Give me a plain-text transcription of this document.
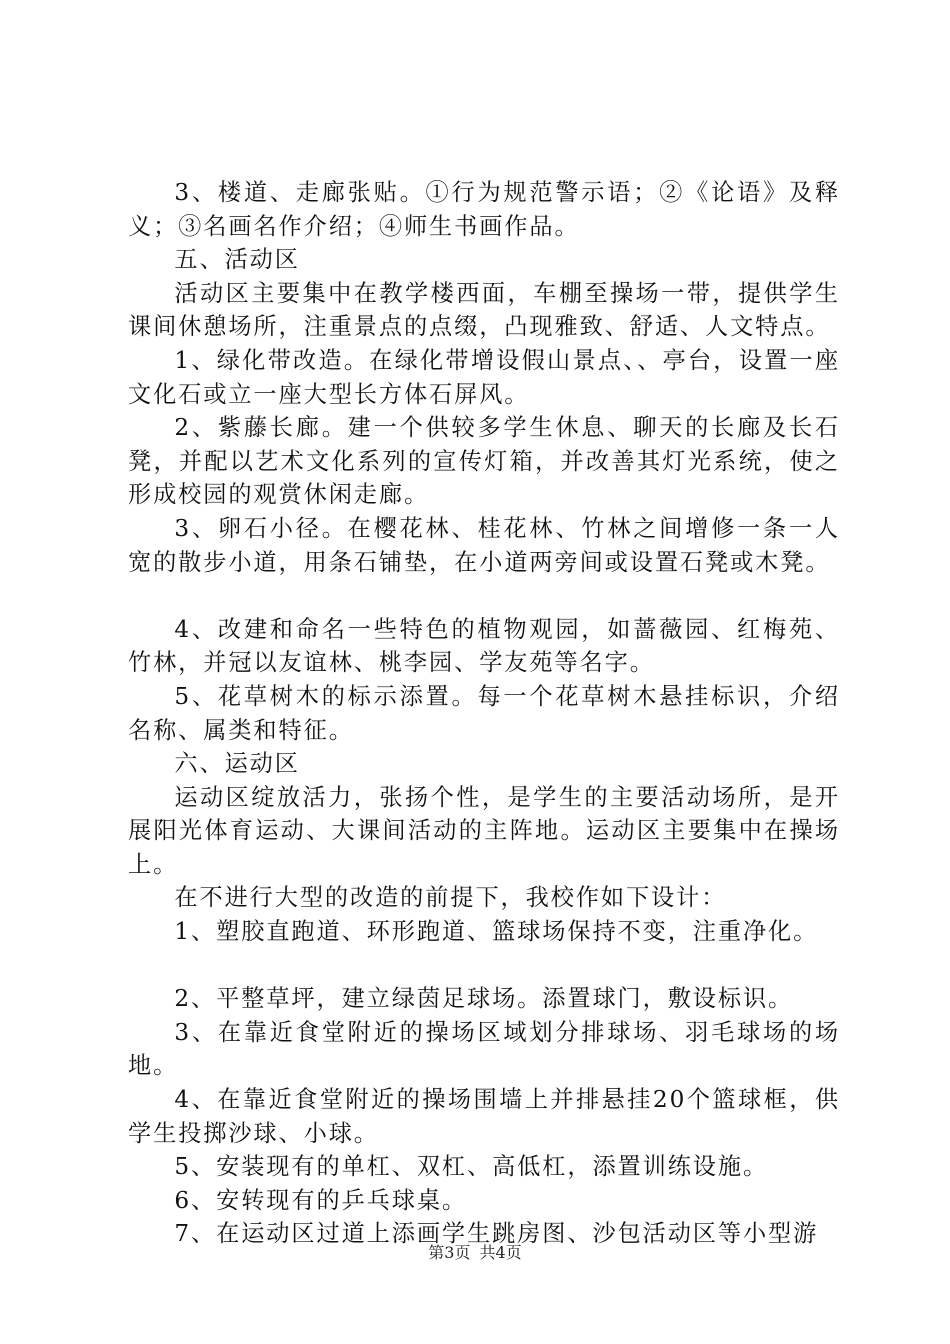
3、楼道、走廊张贴。①行为规范警示语；②《论语》及释义；③名画名作介绍；④师生书画作品。

五、活动区

活动区主要集中在教学楼西面，车棚至操场一带，提供学生课间休憩场所，注重景点的点缀，凸现雅致、舒适、人文特点。

1、绿化带改造。在绿化带增设假山景点、、亭台，设置一座文化石或立一座大型长方体石屏风。

2、紫藤长廊。建一个供较多学生休息、聊天的长廊及长石凳，并配以艺术文化系列的宣传灯箱，并改善其灯光系统，使之形成校园的观赏休闲走廊。

3、卵石小径。在樱花林、桂花林、竹林之间增修一条一人宽的散步小道，用条石铺垫，在小道两旁间或设置石凳或木凳。

4、改建和命名一些特色的植物观园，如蔷薇园、红梅苑、竹林，并冠以友谊林、桃李园、学友苑等名字。

5、花草树木的标示添置。每一个花草树木悬挂标识，介绍名称、属类和特征。

六、运动区

运动区绽放活力，张扬个性，是学生的主要活动场所，是开展阳光体育运动、大课间活动的主阵地。运动区主要集中在操场上。

在不进行大型的改造的前提下，我校作如下设计：

1、塑胶直跑道、环形跑道、篮球场保持不变，注重净化。

2、平整草坪，建立绿茵足球场。添置球门，敷设标识。

3、在靠近食堂附近的操场区域划分排球场、羽毛球场的场地。

4、在靠近食堂附近的操场围墙上并排悬挂20个篮球框，供学生投掷沙球、小球。

5、安装现有的单杠、双杠、高低杠，添置训练设施。

6、安转现有的乒乓球桌。

7、在运动区过道上添画学生跳房图、沙包活动区等小型游

第3页 共4页
